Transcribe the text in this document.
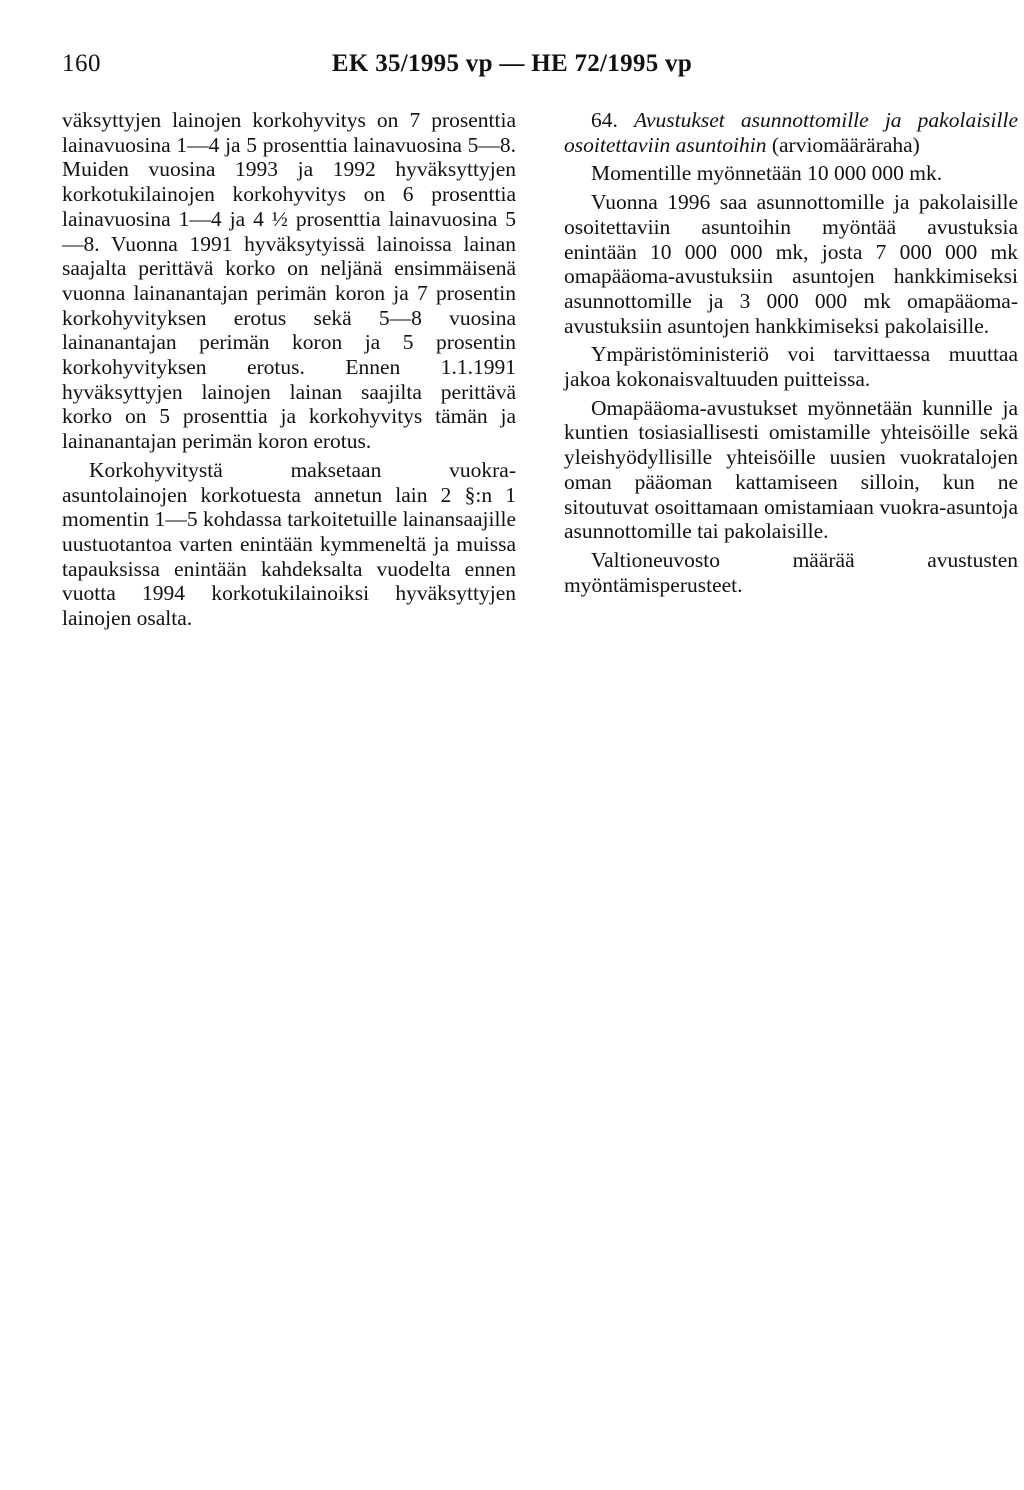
160	EK 35/1995 vp — HE 72/1995 vp

väksyttyjen lainojen korkohyvitys on 7 prosenttia lainavuosina 1—4 ja 5 prosenttia lainavuosina 5—8. Muiden vuosina 1993 ja 1992 hyväksyttyjen korkotukilainojen korkohyvitys on 6 prosenttia lainavuosina 1—4 ja 4 ½ prosenttia lainavuosina 5—8. Vuonna 1991 hyväksytyissä lainoissa lainan saajalta perittävä korko on neljänä ensimmäisenä vuonna lainanantajan perimän koron ja 7 prosentin korkohyvityksen erotus sekä 5—8 vuosina lainanantajan perimän koron ja 5 prosentin korkohyvityksen erotus. Ennen 1.1.1991 hyväksyttyjen lainojen lainan saajilta perittävä korko on 5 prosenttia ja korkohyvitys tämän ja lainanantajan perimän koron erotus.

Korkohyvitystä maksetaan vuokra-asuntolainojen korkotuesta annetun lain 2 §:n 1 momentin 1—5 kohdassa tarkoitetuille lainansaajille uustuotantoa varten enintään kymmeneltä ja muissa tapauksissa enintään kahdeksalta vuodelta ennen vuotta 1994 korkotukilainoiksi hyväksyttyjen lainojen osalta.

64. Avustukset asunnottomille ja pakolaisille osoitettaviin asuntoihin (arviomääräraha)

Momentille myönnetään 10 000 000 mk.

Vuonna 1996 saa asunnottomille ja pakolaisille osoitettaviin asuntoihin myöntää avustuksia enintään 10 000 000 mk, josta 7 000 000 mk omapääoma-avustuksiin asuntojen hankkimiseksi asunnottomille ja 3 000 000 mk omapääoma-avustuksiin asuntojen hankkimiseksi pakolaisille.

Ympäristöministeriö voi tarvittaessa muuttaa jakoa kokonaisvaltuuden puitteissa.

Omapääoma-avustukset myönnetään kunnille ja kuntien tosiasiallisesti omistamille yhteisöille sekä yleishyödyllisille yhteisöille uusien vuokratalojen oman pääoman kattamiseen silloin, kun ne sitoutuvat osoittamaan omistamiaan vuokra-asuntoja asunnottomille tai pakolaisille.

Valtioneuvosto määrää avustusten myöntämisperusteet.
